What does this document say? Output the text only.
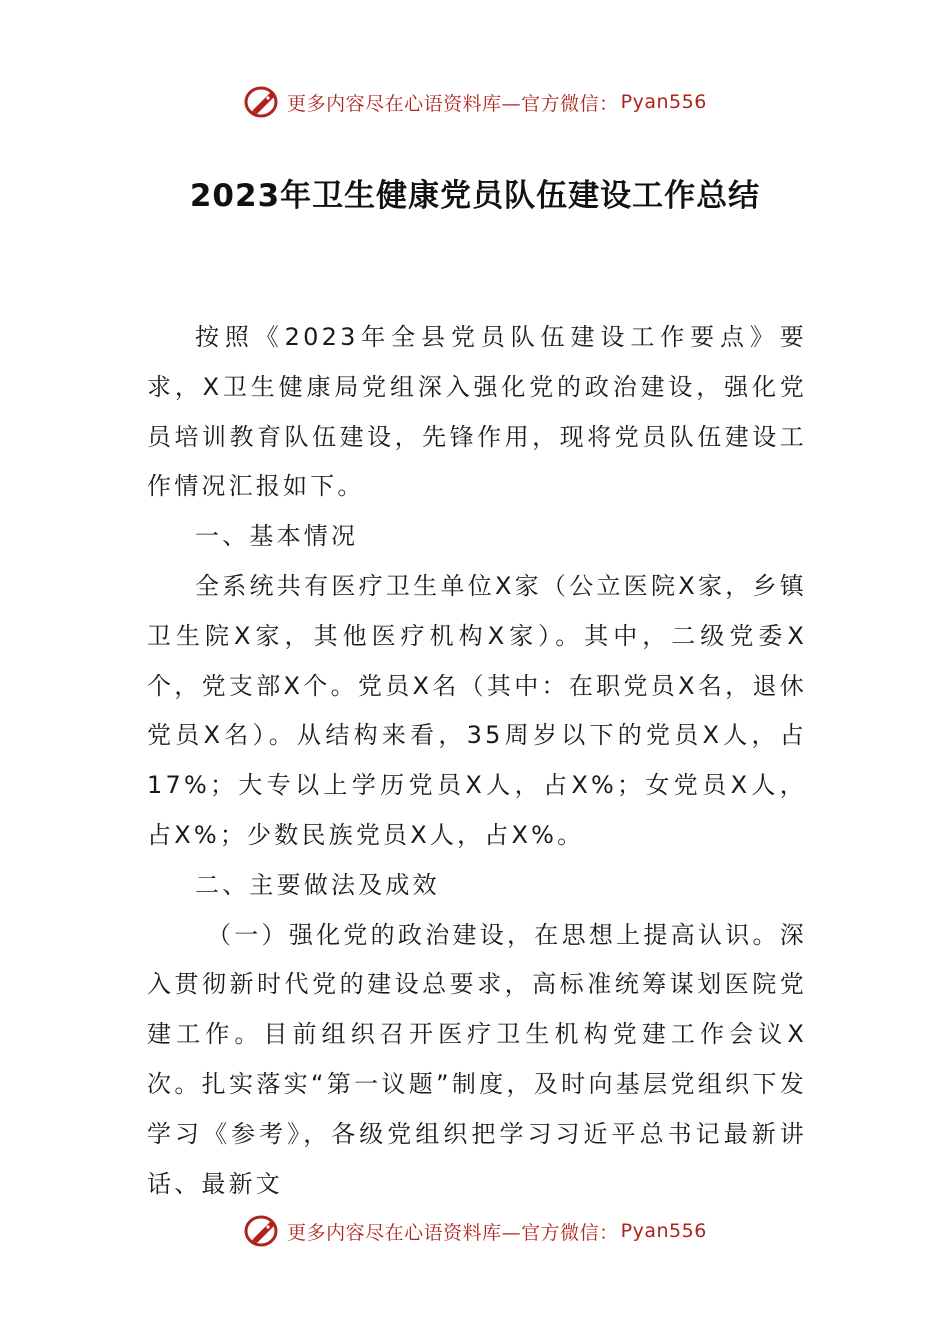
更多内容尽在心语资料库—官方微信： Pyan556
2023年卫生健康党员队伍建设工作总结

按照《2023年全县党员队伍建设工作要点》要求，X卫生健康局党组深入强化党的政治建设，强化党员培训教育队伍建设，先锋作用，现将党员队伍建设工作情况汇报如下。

一、基本情况

全系统共有医疗卫生单位X家（公立医院X家，乡镇卫生院X家，其他医疗机构X家）。其中，二级党委X个，党支部X个。党员X名（其中：在职党员X名，退休党员X名）。从结构来看，35周岁以下的党员X人，占17%；大专以上学历党员X人，占X%；女党员X人，占X%；少数民族党员X人，占X%。

二、主要做法及成效

（一）强化党的政治建设，在思想上提高认识。深入贯彻新时代党的建设总要求，高标准统筹谋划医院党建工作。目前组织召开医疗卫生机构党建工作会议X次。扎实落实“第一议题”制度，及时向基层党组织下发学习《参考》，各级党组织把学习习近平总书记最新讲话、最新文

更多内容尽在心语资料库—官方微信： Pyan556
